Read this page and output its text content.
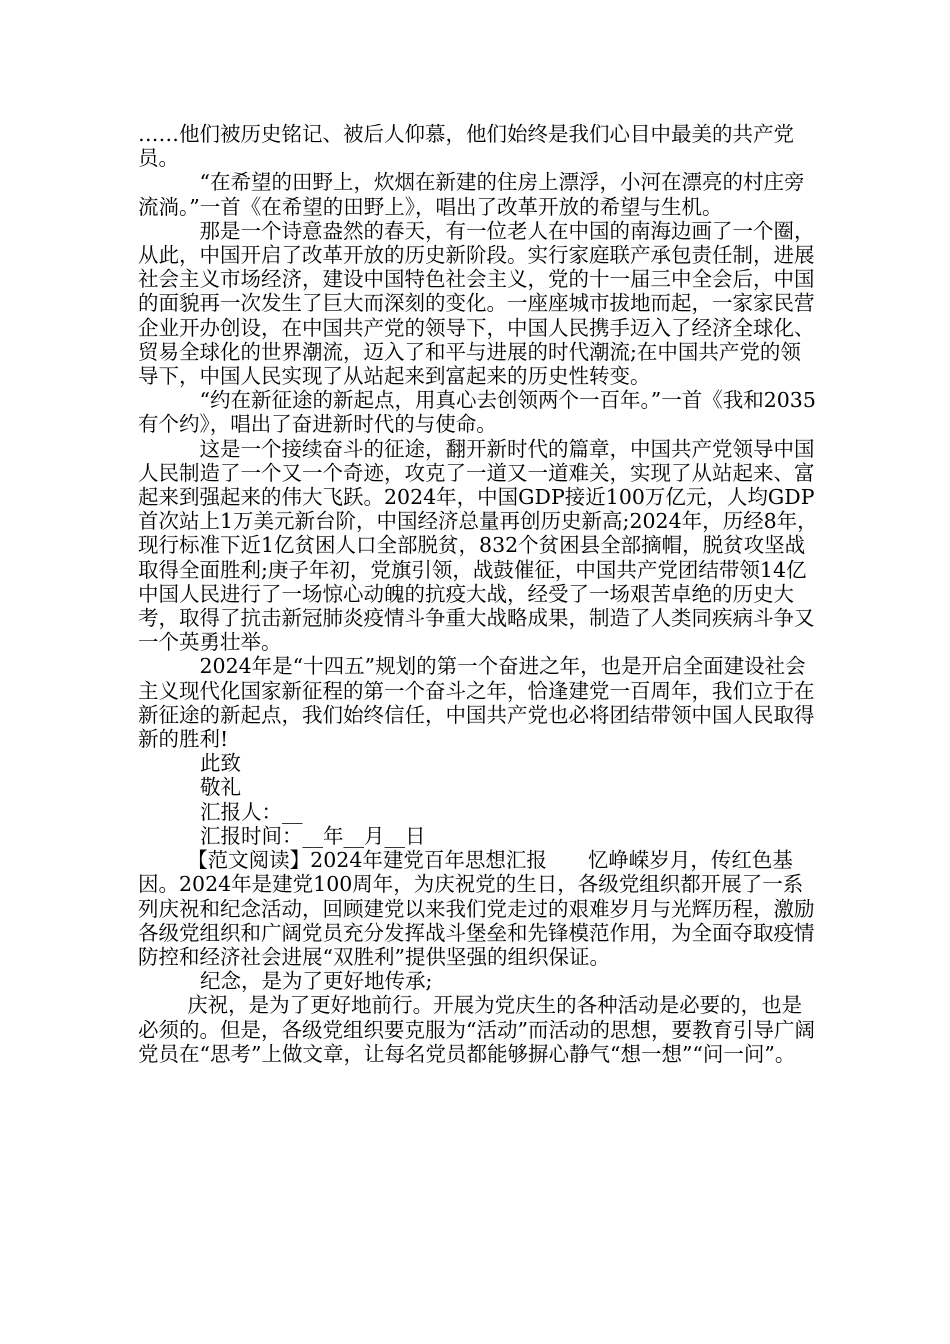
……他们被历史铭记、被后人仰慕，他们始终是我们心目中最美的共产党员。

“在希望的田野上，炊烟在新建的住房上漂浮，小河在漂亮的村庄旁流淌。”一首《在希望的田野上》，唱出了改革开放的希望与生机。

那是一个诗意盎然的春天，有一位老人在中国的南海边画了一个圈，从此，中国开启了改革开放的历史新阶段。实行家庭联产承包责任制，进展社会主义市场经济，建设中国特色社会主义，党的十一届三中全会后，中国的面貌再一次发生了巨大而深刻的变化。一座座城市拔地而起，一家家民营企业开办创设，在中国共产党的领导下，中国人民携手迈入了经济全球化、贸易全球化的世界潮流，迈入了和平与进展的时代潮流;在中国共产党的领导下，中国人民实现了从站起来到富起来的历史性转变。

“约在新征途的新起点，用真心去创领两个一百年。”一首《我和2035有个约》，唱出了奋进新时代的与使命。

这是一个接续奋斗的征途，翻开新时代的篇章，中国共产党领导中国人民制造了一个又一个奇迹，攻克了一道又一道难关，实现了从站起来、富起来到强起来的伟大飞跃。2024年，中国GDP接近100万亿元，人均GDP首次站上1万美元新台阶，中国经济总量再创历史新高;2024年，历经8年，现行标准下近1亿贫困人口全部脱贫，832个贫困县全部摘帽，脱贫攻坚战取得全面胜利;庚子年初，党旗引领，战鼓催征，中国共产党团结带领14亿中国人民进行了一场惊心动魄的抗疫大战，经受了一场艰苦卓绝的历史大考，取得了抗击新冠肺炎疫情斗争重大战略成果，制造了人类同疾病斗争又一个英勇壮举。

2024年是“十四五”规划的第一个奋进之年，也是开启全面建设社会主义现代化国家新征程的第一个奋斗之年，恰逢建党一百周年，我们立于在新征途的新起点，我们始终信任，中国共产党也必将团结带领中国人民取得新的胜利!

此致

敬礼

汇报人：__

汇报时间：__年__月__日

【范文阅读】2024年建党百年思想汇报　　忆峥嵘岁月，传红色基因。2024年是建党100周年，为庆祝党的生日，各级党组织都开展了一系列庆祝和纪念活动，回顾建党以来我们党走过的艰难岁月与光辉历程，激励各级党组织和广阔党员充分发挥战斗堡垒和先锋模范作用，为全面夺取疫情防控和经济社会进展“双胜利”提供坚强的组织保证。

纪念，是为了更好地传承;

庆祝，是为了更好地前行。开展为党庆生的各种活动是必要的，也是必须的。但是，各级党组织要克服为“活动”而活动的思想，要教育引导广阔党员在“思考”上做文章，让每名党员都能够摒心静气“想一想”“问一问”。
